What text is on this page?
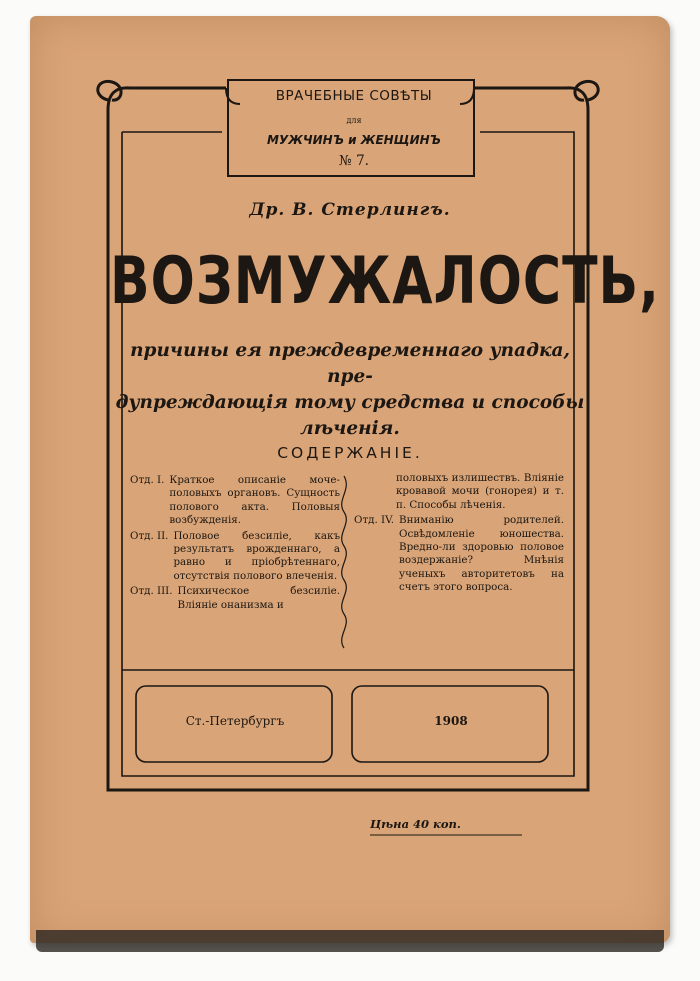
ВРАЧЕБНЫЕ СОВѢТЫ
для
МУЖЧИНЪ и ЖЕНЩИНЪ
№ 7.
Др. В. Стерлингъ.
ВОЗМУЖАЛОСТЬ,
причины ея преждевременнаго упадка, пре-
дупреждающія тому средства и способы
лѣченія.
СОДЕРЖАНІЕ.
Отд. I. Краткое описаніе моче-половыхъ органовъ. Сущность полового акта. Половыя возбужденія.
Отд. II. Половое безсиліе, какъ результатъ врожденнаго, а равно и пріобрѣтеннаго, отсутствія полового влеченія.
Отд. III. Психическое безсиліе. Вліяніе онанизма и
половыхъ излишествъ. Вліяніе кровавой мочи (гонорея) и т. п. Способы лѣченія.
Отд. IV. Вниманію родителей. Освѣдомленіе юношества. Вредно-ли здоровью половое воздержаніе? Мнѣнія ученыхъ авторитетовъ на счетъ этого вопроса.
Ст.-Петербургъ	1908
Цѣна 40 коп.
